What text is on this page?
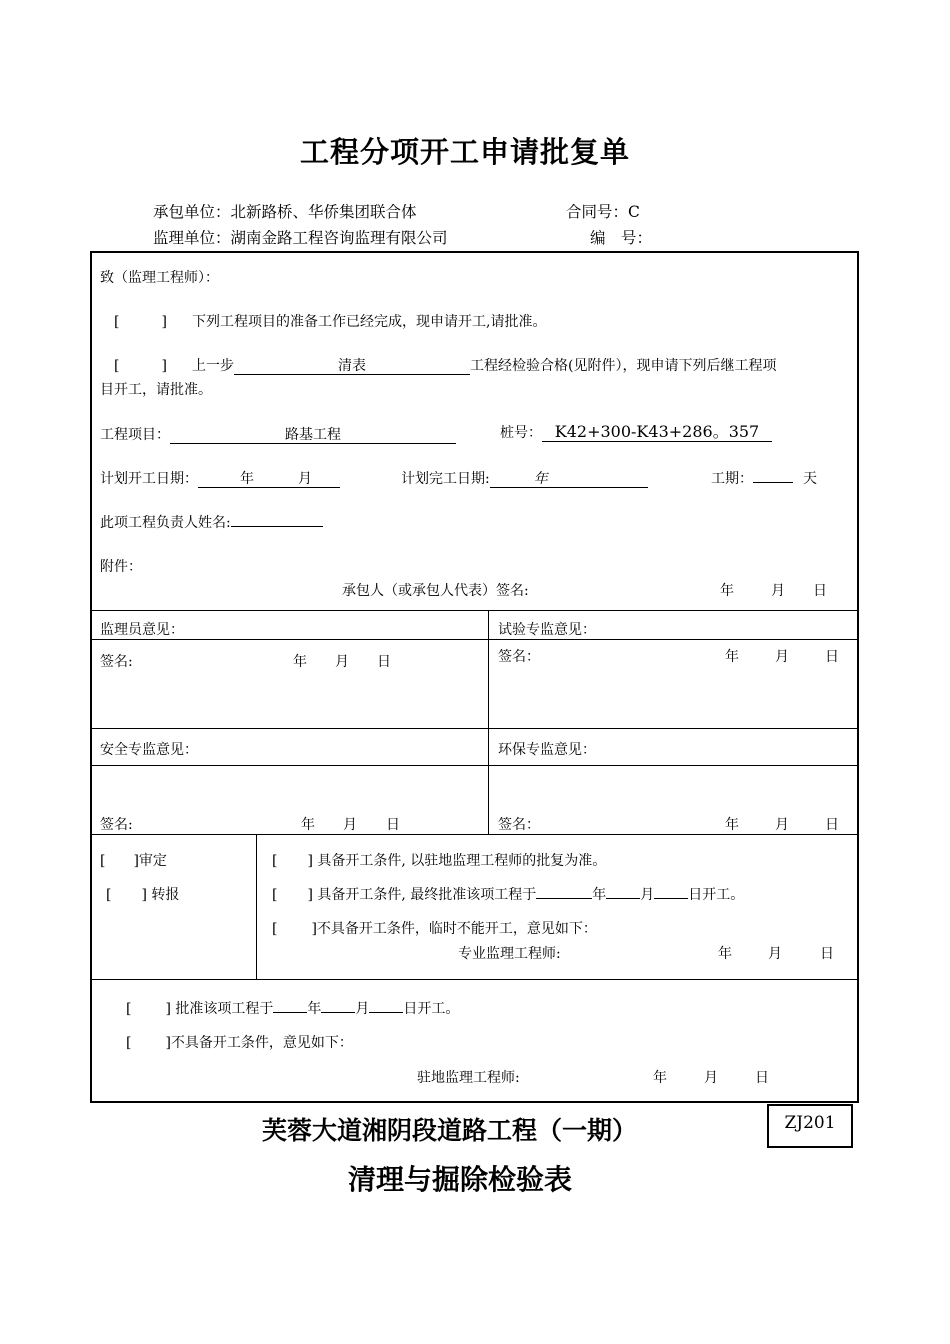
工程分项开工申请批复单
承包单位：北新路桥、华侨集团联合体	合同号：C
监理单位：湖南金路工程咨询监理有限公司	编　号：
致（监理工程师）：
[　　　] 下列工程项目的准备工作已经完成，现申请开工,请批准。
[　　　] 上一步	清表	工程经检验合格(见附件），现申请下列后继工程项
目开工，请批准。
工程项目：	路基工程	桩号： K42+300-K43+286。357
计划开工日期：	年	月	计划完工日期:	年	工期：	天
此项工程负责人姓名:
附件：
承包人（或承包人代表）签名:	年	月 日
监理员意见：	试验专监意见：
签名:	年 月 日	签名：	年	月	日
安全专监意见：	环保专监意见：
签名:	年 月 日	签名：	年	月	日
[ ]审定
[ ] 转报
[ ] 具备开工条件, 以驻地监理工程师的批复为准。
[ ] 具备开工条件, 最终批准该项工程于	年 月 日开工。
[ ]不具备开工条件，临时不能开工，意见如下：
专业监理工程师:	年	月	日
[ ] 批准该项工程于 年 月 日开工。
[ ]不具备开工条件，意见如下：
驻地监理工程师:	年	月	日
芙蓉大道湘阴段道路工程（一期）	ZJ201
清理与掘除检验表
